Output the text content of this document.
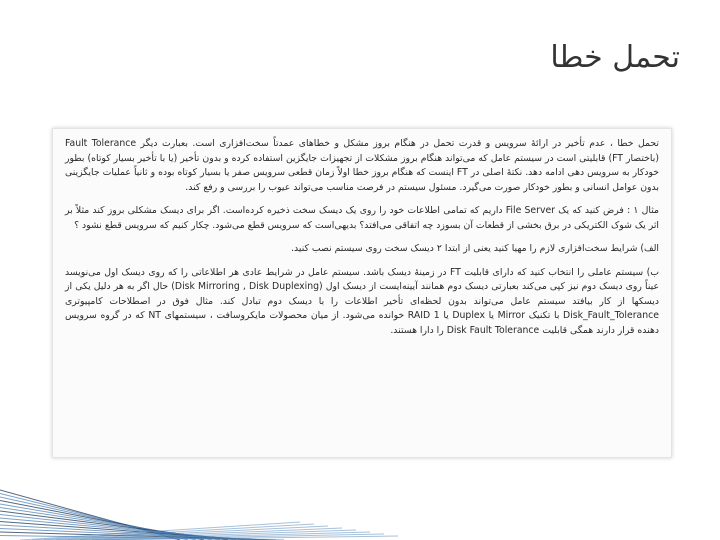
تحمل خطا

تحمل خطا ، عدم تأخیر در ارائهٔ سرویس و قدرت تحمل در هنگام بروز مشکل و خطاهای عمدتاً سخت‌افزاری است. بعبارت دیگر Fault Tolerance (باختصار FT) قابلیتی است در سیستم عامل که می‌تواند هنگام بروز مشکلات از تجهیزات جایگزین استفاده کرده و بدون تأخیر (یا با تأخیر بسیار کوتاه) بطور خودکار به سرویس دهی ادامه دهد. نکتهٔ اصلی در FT اینست که هنگام بروز خطا اولاً زمان قطعی سرویس صفر یا بسیار کوتاه بوده و ثانیاً عملیات جایگزینی بدون عوامل انسانی و بطور خودکار صورت می‌گیرد. مسئول سیستم در فرصت مناسب می‌تواند عیوب را بررسی و رفع کند.

مثال ۱ : فرض کنید که یک File Server داریم که تمامی اطلاعات خود را روی یک دیسک سخت ذخیره کرده‌است. اگر برای دیسک مشکلی بروز کند مثلاً بر اثر یک شوک الکتریکی در برق بخشی از قطعات آن بسوزد چه اتفاقی می‌افتد؟ بدیهی‌است که سرویس قطع می‌شود. چکار کنیم که سرویس قطع نشود ؟

الف) شرایط سخت‌افزاری لازم را مهیا کنید یعنی از ابتدا ۲ دیسک سخت روی سیستم نصب کنید.

ب) سیستم عاملی را انتخاب کنید که دارای قابلیت FT در زمینهٔ دیسک باشد. سیستم عامل در شرایط عادی هر اطلاعاتی را که روی دیسک اول می‌نویسد عیناً روی دیسک دوم نیز کپی می‌کند بعبارتی دیسک دوم همانند آیینه‌ایست از دیسک اول (Disk Mirroring , Disk Duplexing) حال اگر به هر دلیل یکی از دیسکها از کار بیافتد سیستم عامل می‌تواند بدون لحظه‌ای تأخیر اطلاعات را با دیسک دوم تبادل کند. مثال فوق در اصطلاحات کامپیوتری Disk_Fault_Tolerance با تکنیک Mirror یا Duplex یا RAID 1 خوانده می‌شود. از میان محصولات مایکروسافت ، سیستمهای NT که در گروه سرویس دهنده قرار دارند همگی قابلیت Disk Fault Tolerance را دارا هستند.
